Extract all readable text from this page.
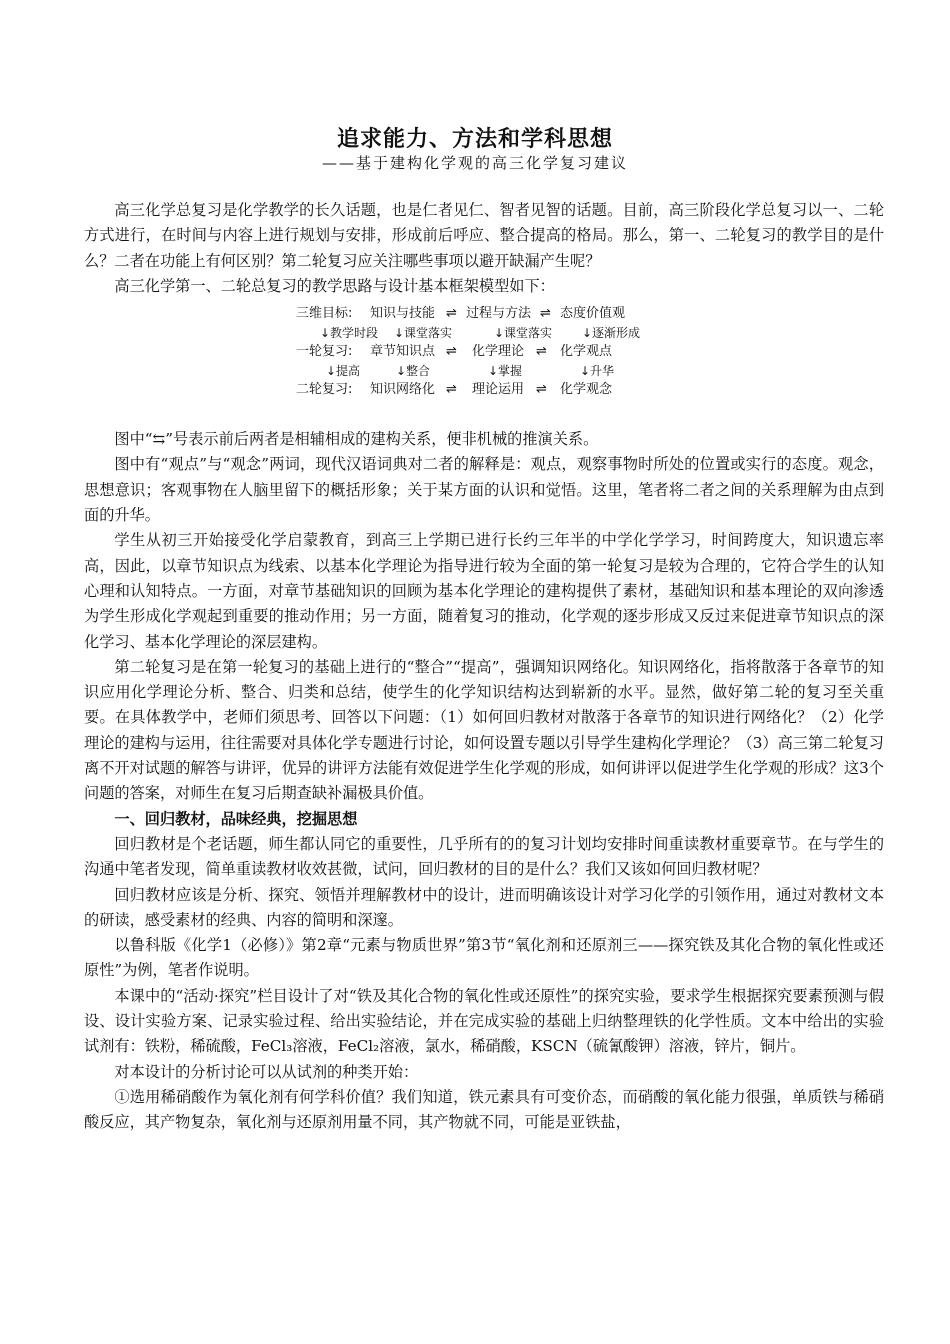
追求能力、方法和学科思想
——基于建构化学观的高三化学复习建议

高三化学总复习是化学教学的长久话题，也是仁者见仁、智者见智的话题。目前，高三阶段化学总复习以一、二轮方式进行，在时间与内容上进行规划与安排，形成前后呼应、整合提高的格局。那么，第一、二轮复习的教学目的是什么？二者在功能上有何区别？第二轮复习应关注哪些事项以避开缺漏产生呢？

高三化学第一、二轮总复习的教学思路与设计基本框架模型如下：

三维目标: 知识与技能 ⇌ 过程与方法 ⇌ 态度价值观
↓教学时段 ↓课堂落实	↓课堂落实 ↓逐渐形成
一轮复习: 章节知识点 ⇌ 化学理论 ⇌ 化学观点
↓提高	↓整合	↓掌握	↓升华
二轮复习: 知识网络化 ⇌ 理论运用 ⇌ 化学观念

图中“⇆”号表示前后两者是相辅相成的建构关系，便非机械的推演关系。

图中有“观点”与“观念”两词，现代汉语词典对二者的解释是：观点，观察事物时所处的位置或实行的态度。观念，思想意识；客观事物在人脑里留下的概括形象；关于某方面的认识和觉悟。这里，笔者将二者之间的关系理解为由点到面的升华。

学生从初三开始接受化学启蒙教育，到高三上学期已进行长约三年半的中学化学学习，时间跨度大，知识遗忘率高，因此，以章节知识点为线索、以基本化学理论为指导进行较为全面的第一轮复习是较为合理的，它符合学生的认知心理和认知特点。一方面，对章节基础知识的回顾为基本化学理论的建构提供了素材，基础知识和基本理论的双向渗透为学生形成化学观起到重要的推动作用；另一方面，随着复习的推动，化学观的逐步形成又反过来促进章节知识点的深化学习、基本化学理论的深层建构。

第二轮复习是在第一轮复习的基础上进行的“整合”“提高”，强调知识网络化。知识网络化，指将散落于各章节的知识应用化学理论分析、整合、归类和总结，使学生的化学知识结构达到崭新的水平。显然，做好第二轮的复习至关重要。在具体教学中，老师们须思考、回答以下问题：（1）如何回归教材对散落于各章节的知识进行网络化？（2）化学理论的建构与运用，往往需要对具体化学专题进行讨论，如何设置专题以引导学生建构化学理论？（3）高三第二轮复习离不开对试题的解答与讲评，优异的讲评方法能有效促进学生化学观的形成，如何讲评以促进学生化学观的形成？这3个问题的答案，对师生在复习后期查缺补漏极具价值。

一、回归教材，品味经典，挖掘思想

回归教材是个老话题，师生都认同它的重要性，几乎所有的的复习计划均安排时间重读教材重要章节。在与学生的沟通中笔者发现，简单重读教材收效甚微，试问，回归教材的目的是什么？我们又该如何回归教材呢？

回归教材应该是分析、探究、领悟并理解教材中的设计，进而明确该设计对学习化学的引领作用，通过对教材文本的研读，感受素材的经典、内容的简明和深邃。

以鲁科版《化学1（必修）》第2章“元素与物质世界”第3节“氧化剂和还原剂三——探究铁及其化合物的氧化性或还原性”为例，笔者作说明。

本课中的“活动·探究”栏目设计了对“铁及其化合物的氧化性或还原性”的探究实验，要求学生根据探究要素预测与假设、设计实验方案、记录实验过程、给出实验结论，并在完成实验的基础上归纳整理铁的化学性质。文本中给出的实验试剂有：铁粉，稀硫酸，FeCl₃溶液，FeCl₂溶液，氯水，稀硝酸，KSCN（硫氰酸钾）溶液，锌片，铜片。

对本设计的分析讨论可以从试剂的种类开始：

①选用稀硝酸作为氧化剂有何学科价值？我们知道，铁元素具有可变价态，而硝酸的氧化能力很强，单质铁与稀硝酸反应，其产物复杂，氧化剂与还原剂用量不同，其产物就不同，可能是亚铁盐，
